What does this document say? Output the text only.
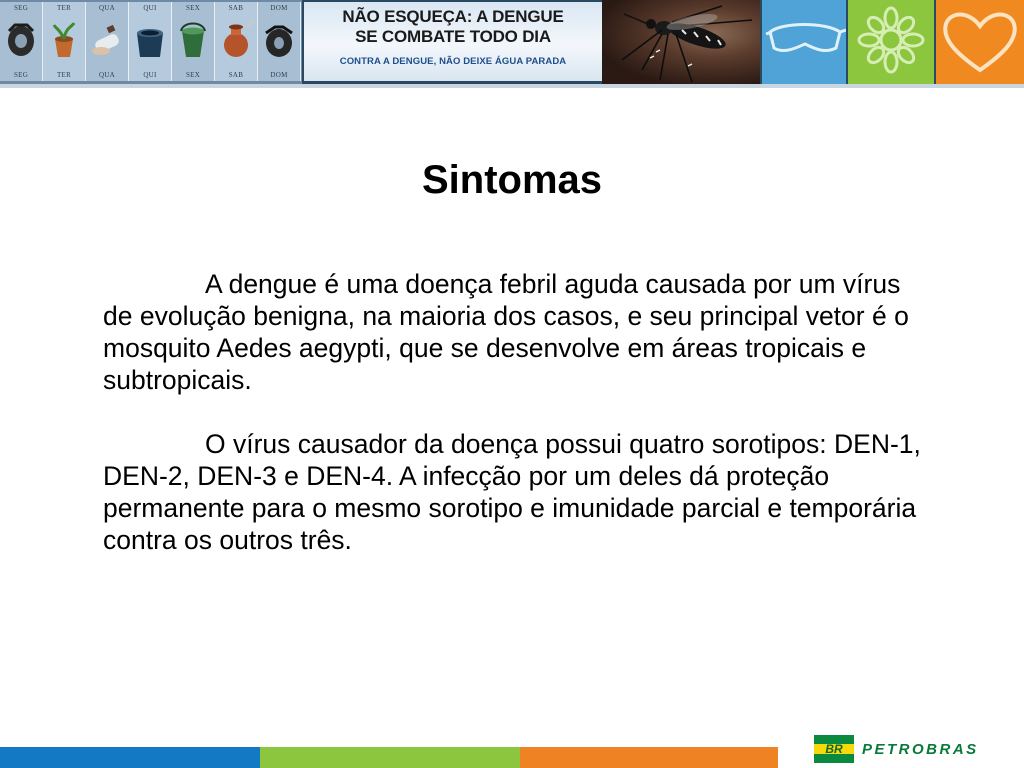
SEG
SEG
TER
TER
QUA
QUA
QUI
QUI
SEX
SEX
SAB
SAB
DOM
DOM
NÃO ESQUEÇA: A DENGUE
SE COMBATE TODO DIA
CONTRA A DENGUE, NÃO DEIXE ÁGUA PARADA
Sintomas

A dengue é uma doença febril aguda causada por um vírus de evolução benigna, na maioria dos casos, e seu principal vetor é o mosquito Aedes aegypti, que se desenvolve em áreas tropicais e subtropicais.

O vírus causador da doença possui quatro sorotipos: DEN-1, DEN-2, DEN-3 e DEN-4. A infecção por um deles dá proteção permanente para o mesmo sorotipo e imunidade parcial e temporária contra os outros três.

BR PETROBRAS
